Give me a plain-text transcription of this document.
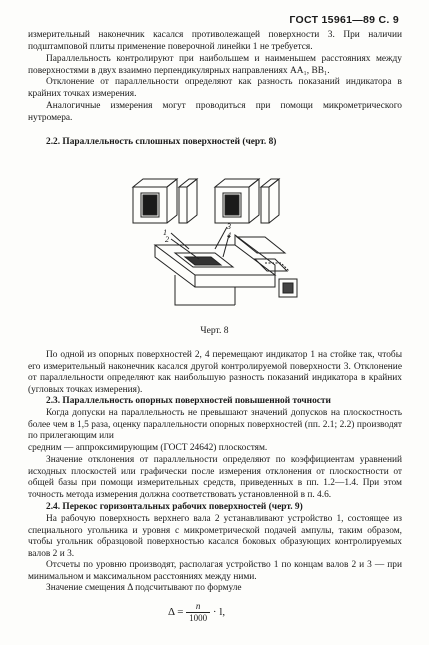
ГОСТ 15961—89 С. 9

измерительный наконечник касался противолежащей поверхности 3. При наличии подштамповой плиты применение поверочной линейки 1 не требуется.

Параллельность контролируют при наибольшем и наименьшем расстояниях между поверхностями в двух взаимно перпендикулярных направлениях AA₁, BB₁.

Отклонение от параллельности определяют как разность показаний индикатора в крайних точках измерения.

Аналогичные измерения могут проводиться при помощи микрометрического нутромера.

2.2. Параллельность сплошных поверхностей (черт. 8)

1
2
3
4
Черт. 8

По одной из опорных поверхностей 2, 4 перемещают индикатор 1 на стойке так, чтобы его измерительный наконечник касался другой контролируемой поверхности 3. Отклонение от параллельности определяют как наибольшую разность показаний индикатора в крайних (угловых точках измерения).

2.3. Параллельность опорных поверхностей повышенной точности

Когда допуски на параллельность не превышают значений допусков на плоскостность более чем в 1,5 раза, оценку параллельности опорных поверхностей (пп. 2.1; 2.2) производят по прилегающим или

средним — аппроксимирующим (ГОСТ 24642) плоскостям.

Значение отклонения от параллельности определяют по коэффициентам уравнений исходных плоскостей или графически после измерения отклонения от плоскостности от общей базы при помощи измерительных средств, приведенных в пп. 1.2—1.4. При этом точность метода измерения должна соответствовать установленной в п. 4.6.

2.4. Перекос горизонтальных рабочих поверхностей (черт. 9)

На рабочую поверхность верхнего вала 2 устанавливают устройство 1, состоящее из специального угольника и уровня с микрометрической подачей ампулы, таким образом, чтобы угольник образцовой поверхностью касался боковых образующих контролируемых валов 2 и 3.

Отсчеты по уровню производят, располагая устройство 1 по концам валов 2 и 3 — при минимальном и максимальном расстояниях между ними.

Значение смещения Δ подсчитывают по формуле

$\Delta = \frac{n}{1000} \cdot l$,
